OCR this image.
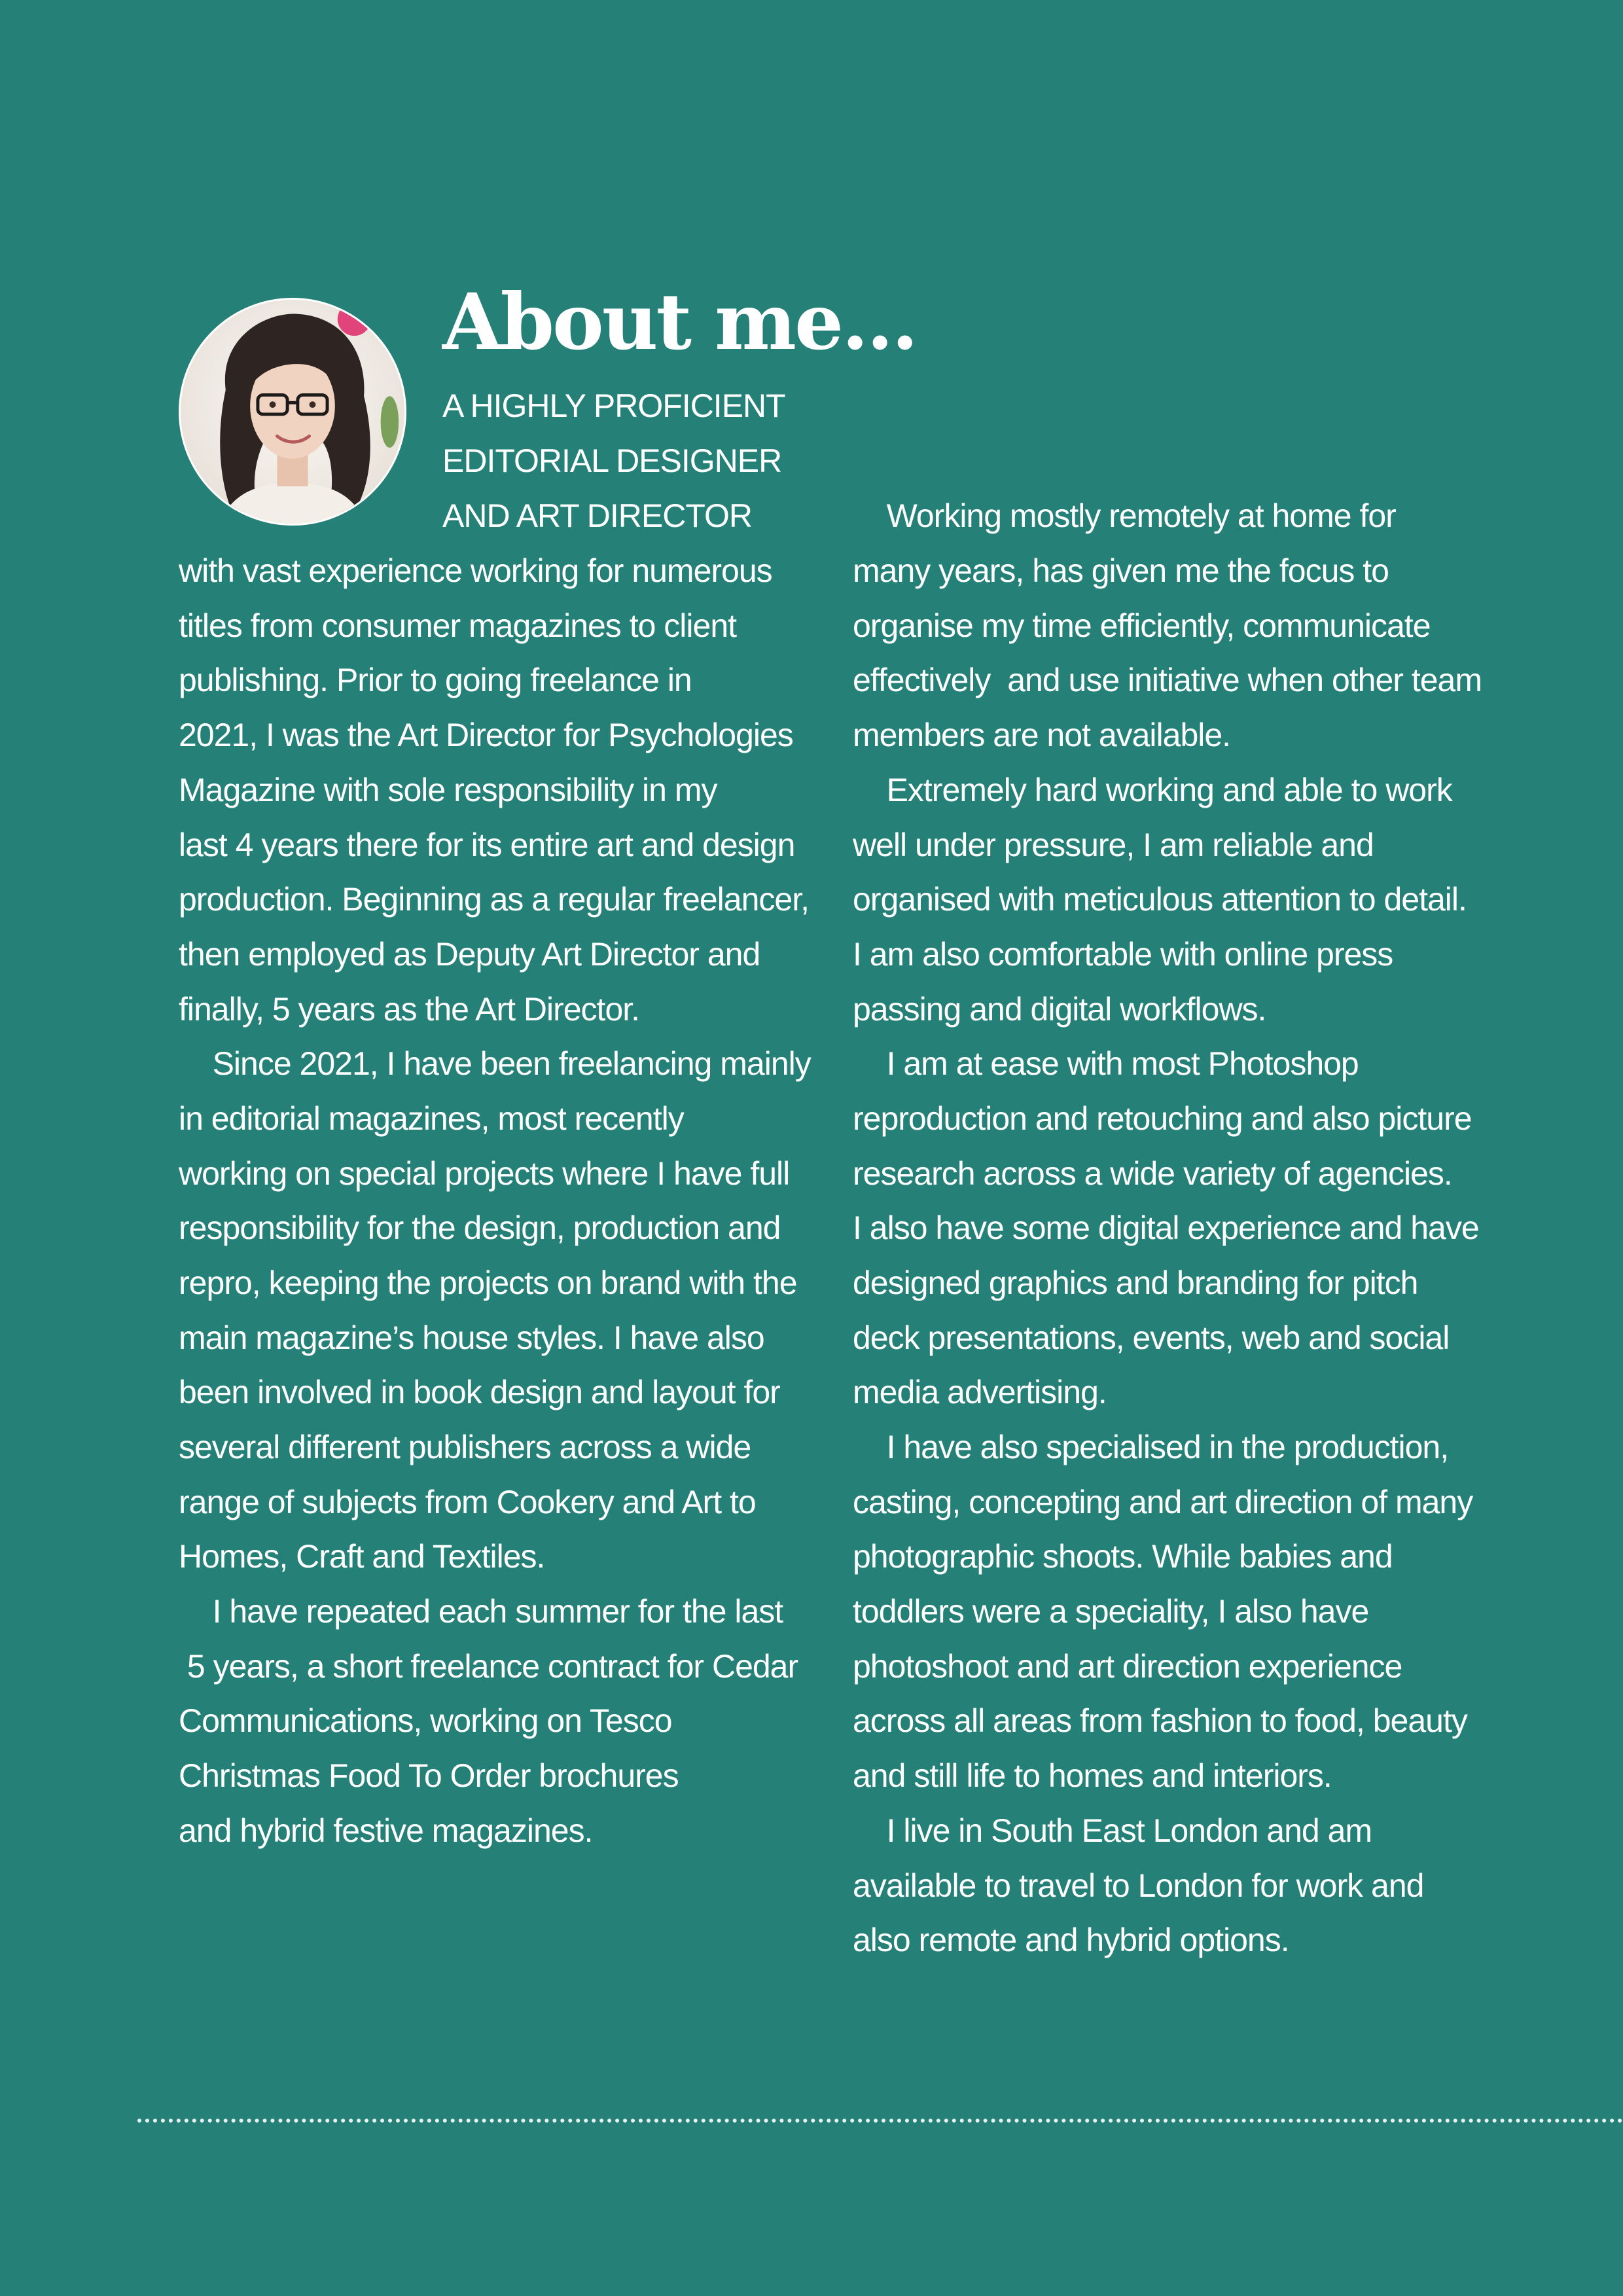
About me...

A HIGHLY PROFICIENT

EDITORIAL DESIGNER

AND ART DIRECTOR

with vast experience working for numerous

titles from consumer magazines to client

publishing. Prior to going freelance in

2021, I was the Art Director for Psychologies

Magazine with sole responsibility in my

last 4 years there for its entire art and design

production. Beginning as a regular freelancer,

then employed as Deputy Art Director and

finally, 5 years as the Art Director.

Since 2021, I have been freelancing mainly

in editorial magazines, most recently

working on special projects where I have full

responsibility for the design, production and

repro, keeping the projects on brand with the

main magazine’s house styles. I have also

been involved in book design and layout for

several different publishers across a wide

range of subjects from Cookery and Art to

Homes, Craft and Textiles.

I have repeated each summer for the last

5 years, a short freelance contract for Cedar

Communications, working on Tesco

Christmas Food To Order brochures

and hybrid festive magazines.

Working mostly remotely at home for

many years, has given me the focus to

organise my time efficiently, communicate

effectively  and use initiative when other team

members are not available.

Extremely hard working and able to work

well under pressure, I am reliable and

organised with meticulous attention to detail.

I am also comfortable with online press

passing and digital workflows.

I am at ease with most Photoshop

reproduction and retouching and also picture

research across a wide variety of agencies.

I also have some digital experience and have

designed graphics and branding for pitch

deck presentations, events, web and social

media advertising.

I have also specialised in the production,

casting, concepting and art direction of many

photographic shoots. While babies and

toddlers were a speciality, I also have

photoshoot and art direction experience

across all areas from fashion to food, beauty

and still life to homes and interiors.

I live in South East London and am

available to travel to London for work and

also remote and hybrid options.
